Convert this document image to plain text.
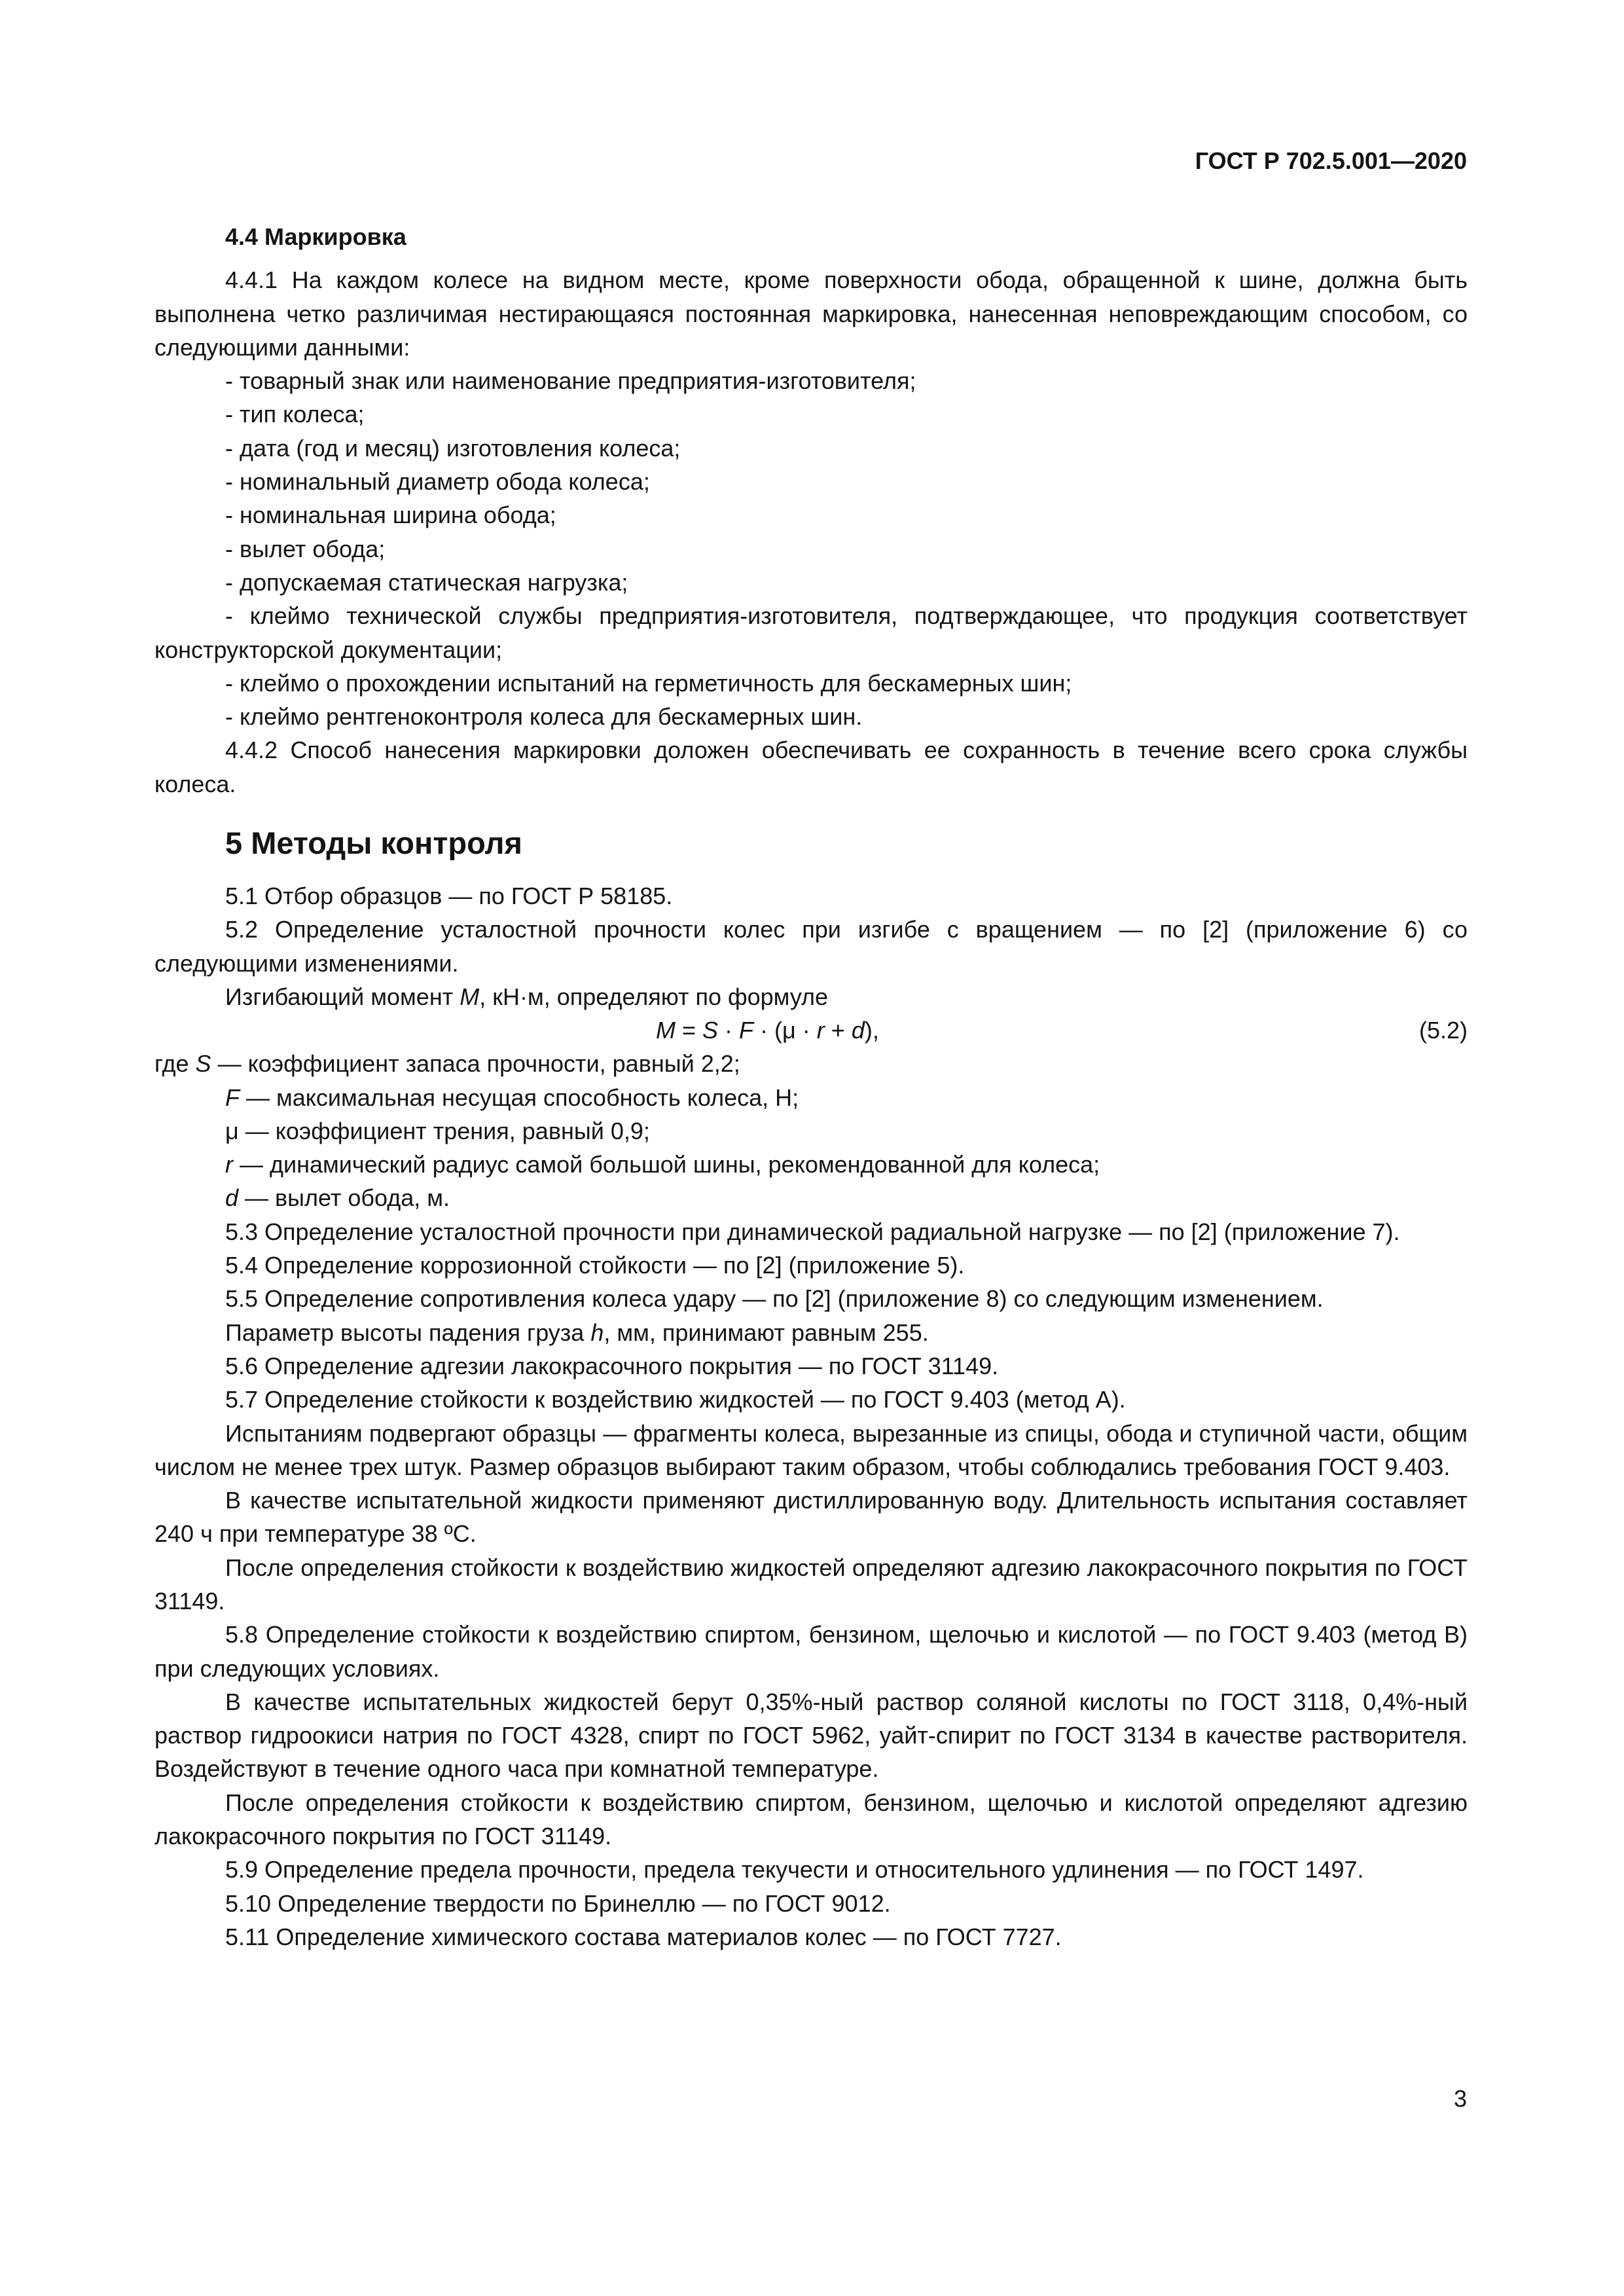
ГОСТ Р 702.5.001—2020

4.4 Маркировка

4.4.1 На каждом колесе на видном месте, кроме поверхности обода, обращенной к шине, должна быть выполнена четко различимая нестирающаяся постоянная маркировка, нанесенная неповреждающим способом, со следующими данными:

- товарный знак или наименование предприятия-изготовителя;

- тип колеса;

- дата (год и месяц) изготовления колеса;

- номинальный диаметр обода колеса;

- номинальная ширина обода;

- вылет обода;

- допускаемая статическая нагрузка;

- клеймо технической службы предприятия-изготовителя, подтверждающее, что продукция соответствует конструкторской документации;

- клеймо о прохождении испытаний на герметичность для бескамерных шин;

- клеймо рентгеноконтроля колеса для бескамерных шин.

4.4.2 Способ нанесения маркировки доложен обеспечивать ее сохранность в течение всего срока службы колеса.

5 Методы контроля

5.1 Отбор образцов — по ГОСТ Р 58185.

5.2 Определение усталостной прочности колес при изгибе с вращением — по [2] (приложение 6) со следующими изменениями.

Изгибающий момент M, кН·м, определяют по формуле

M = S · F · (μ · r + d),	(5.2)

где S — коэффициент запаса прочности, равный 2,2;

F — максимальная несущая способность колеса, Н;

μ — коэффициент трения, равный 0,9;

r — динамический радиус самой большой шины, рекомендованной для колеса;

d — вылет обода, м.

5.3 Определение усталостной прочности при динамической радиальной нагрузке — по [2] (приложение 7).

5.4 Определение коррозионной стойкости — по [2] (приложение 5).

5.5 Определение сопротивления колеса удару — по [2] (приложение 8) со следующим изменением.

Параметр высоты падения груза h, мм, принимают равным 255.

5.6 Определение адгезии лакокрасочного покрытия — по ГОСТ 31149.

5.7 Определение стойкости к воздействию жидкостей — по ГОСТ 9.403 (метод А).

Испытаниям подвергают образцы — фрагменты колеса, вырезанные из спицы, обода и ступичной части, общим числом не менее трех штук. Размер образцов выбирают таким образом, чтобы соблюдались требования ГОСТ 9.403.

В качестве испытательной жидкости применяют дистиллированную воду. Длительность испытания составляет 240 ч при температуре 38 ºС.

После определения стойкости к воздействию жидкостей определяют адгезию лакокрасочного покрытия по ГОСТ 31149.

5.8 Определение стойкости к воздействию спиртом, бензином, щелочью и кислотой — по ГОСТ 9.403 (метод В) при следующих условиях.

В качестве испытательных жидкостей берут 0,35%-ный раствор соляной кислоты по ГОСТ 3118, 0,4%-ный раствор гидроокиси натрия по ГОСТ 4328, спирт по ГОСТ 5962, уайт-спирит по ГОСТ 3134 в качестве растворителя. Воздействуют в течение одного часа при комнатной температуре.

После определения стойкости к воздействию спиртом, бензином, щелочью и кислотой определяют адгезию лакокрасочного покрытия по ГОСТ 31149.

5.9 Определение предела прочности, предела текучести и относительного удлинения — по ГОСТ 1497.

5.10 Определение твердости по Бринеллю — по ГОСТ 9012.

5.11 Определение химического состава материалов колес — по ГОСТ 7727.

3
